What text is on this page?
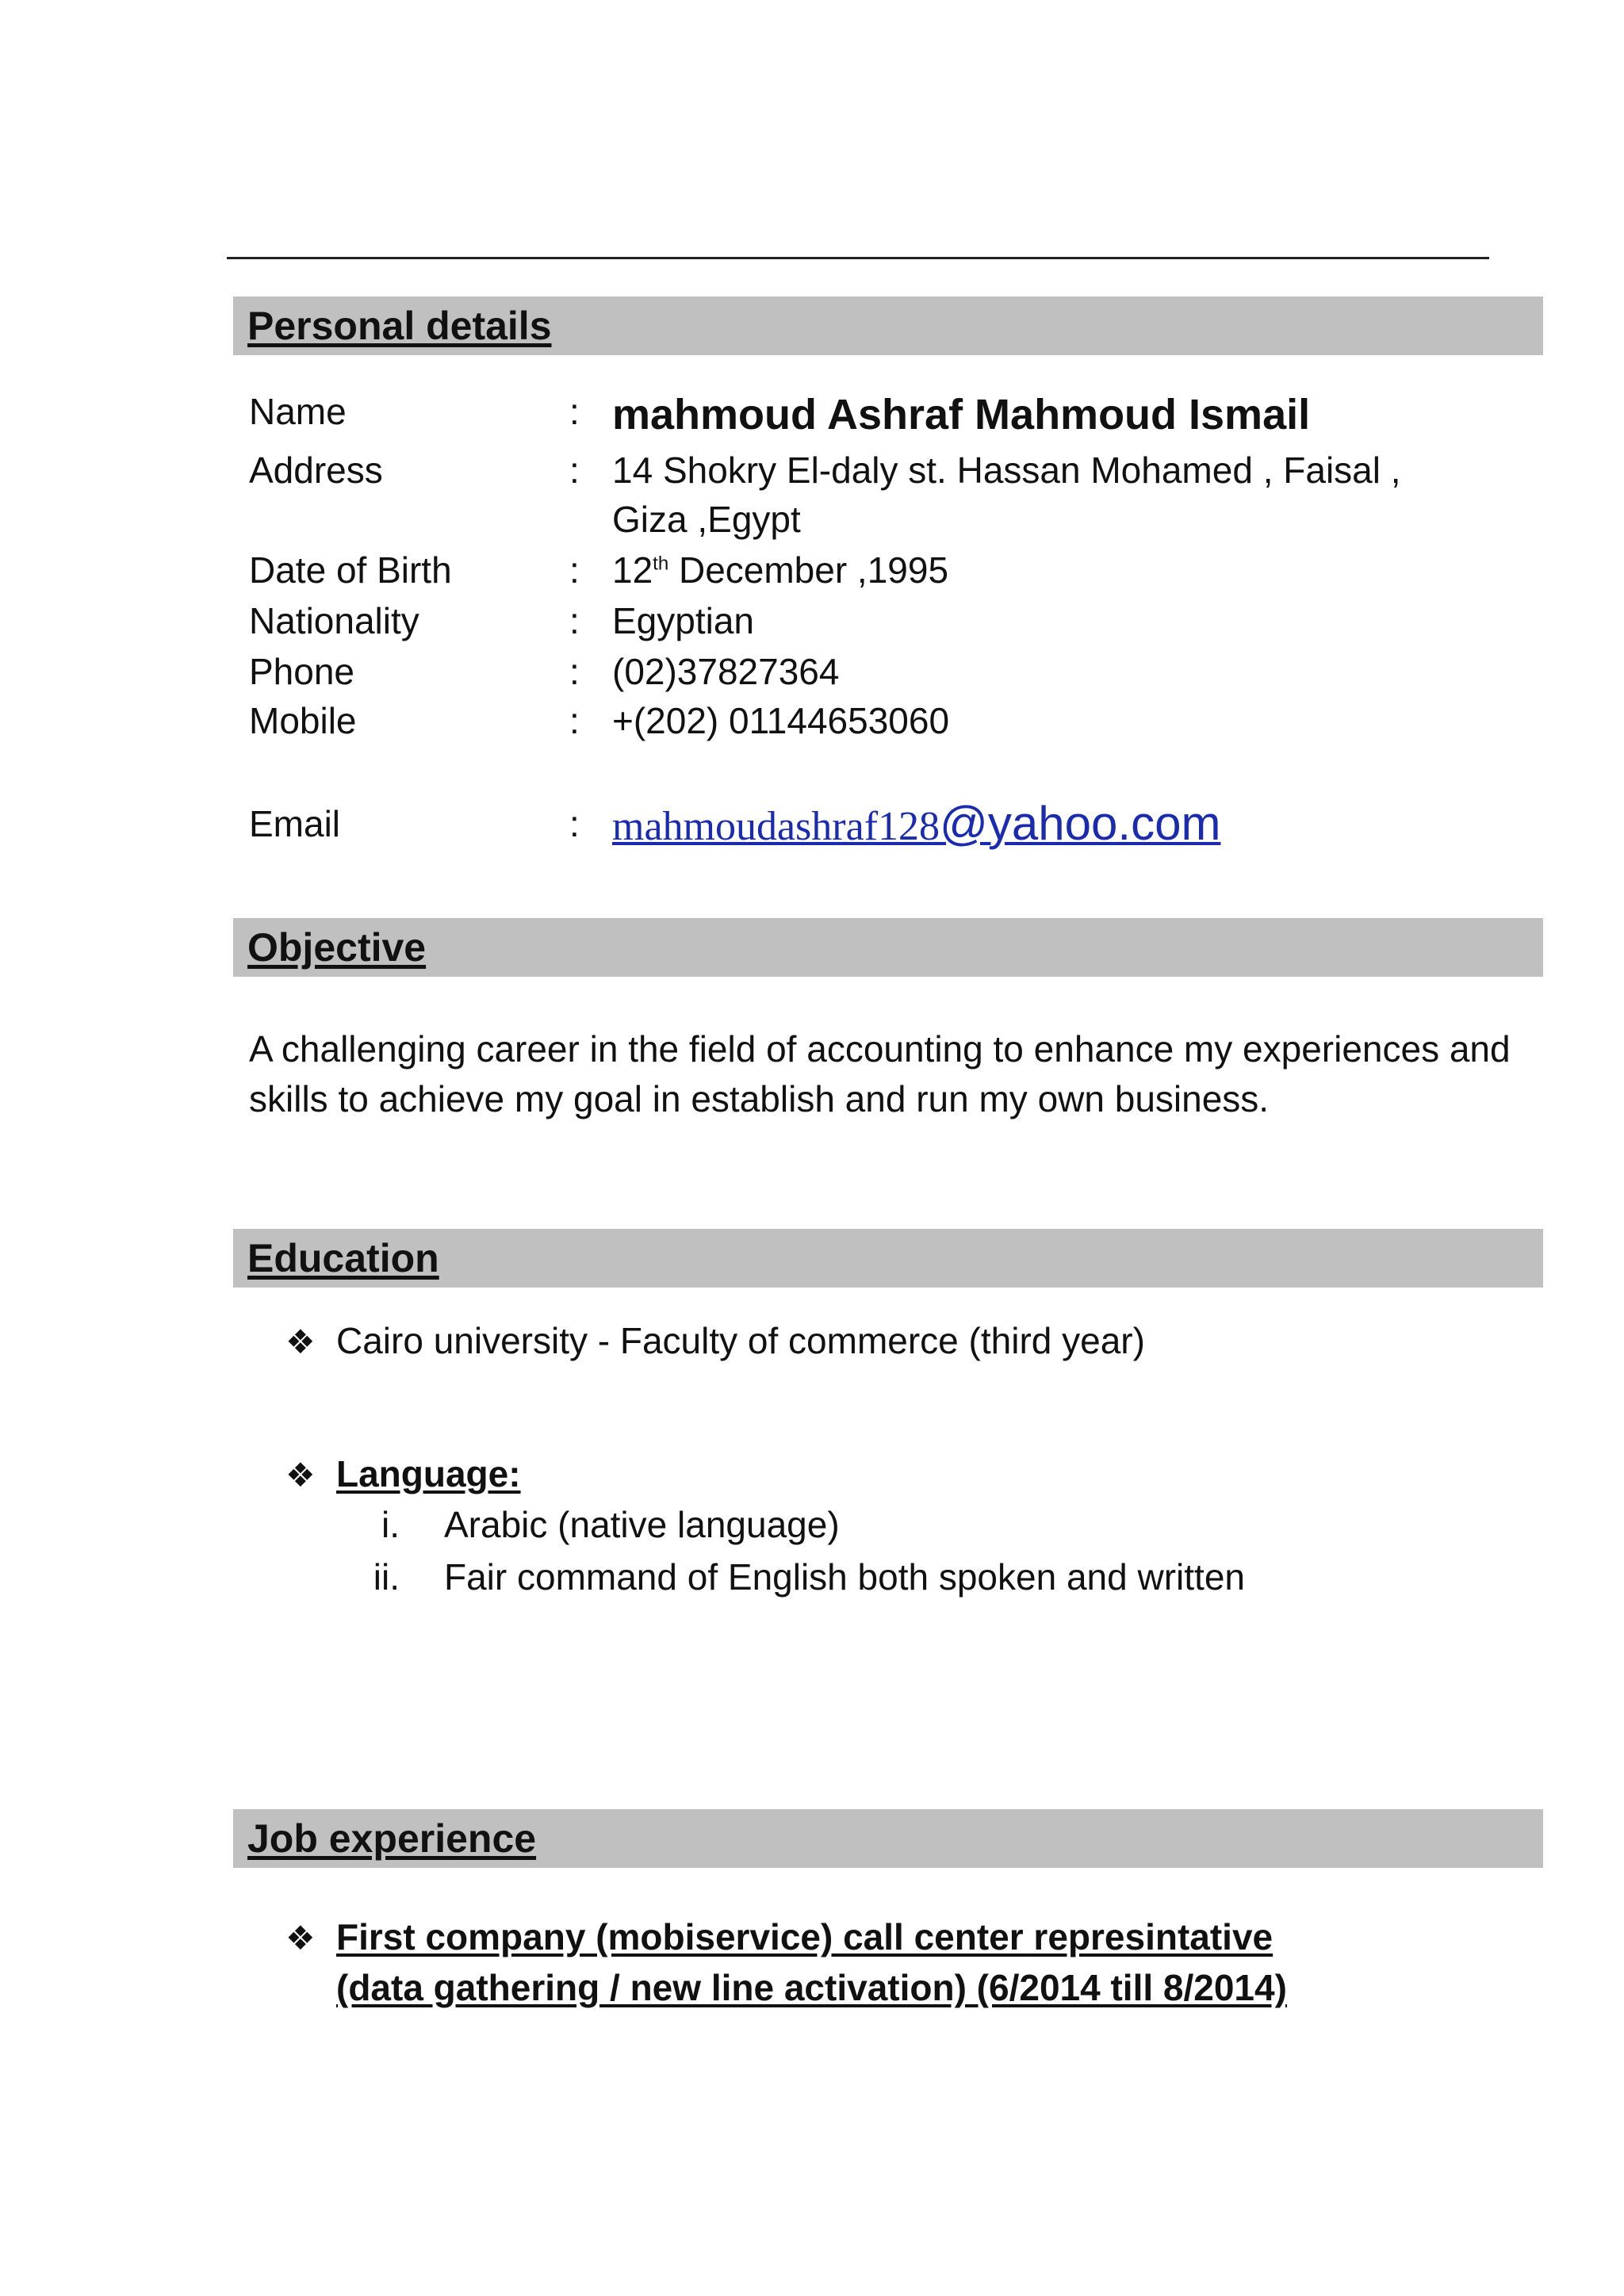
Personal details
Name	: mahmoud Ashraf Mahmoud Ismail
Address	: 14 Shokry El-daly st. Hassan Mohamed , Faisal ,
Giza ,Egypt
Date of Birth	: 12th December ,1995
Nationality	: Egyptian
Phone	: (02)37827364
Mobile	: +(202) 01144653060
Email	: mahmoudashraf128@yahoo.com
Objective
A challenging career in the field of accounting to enhance my experiences and skills to achieve my goal in establish and run my own business.
Education
❖ Cairo university - Faculty of commerce (third year)
❖ Language:
i. Arabic (native language)
ii. Fair command of English both spoken and written
Job experience
❖ First company (mobiservice) call center represintative
(data gathering / new line activation) (6/2014 till 8/2014)
